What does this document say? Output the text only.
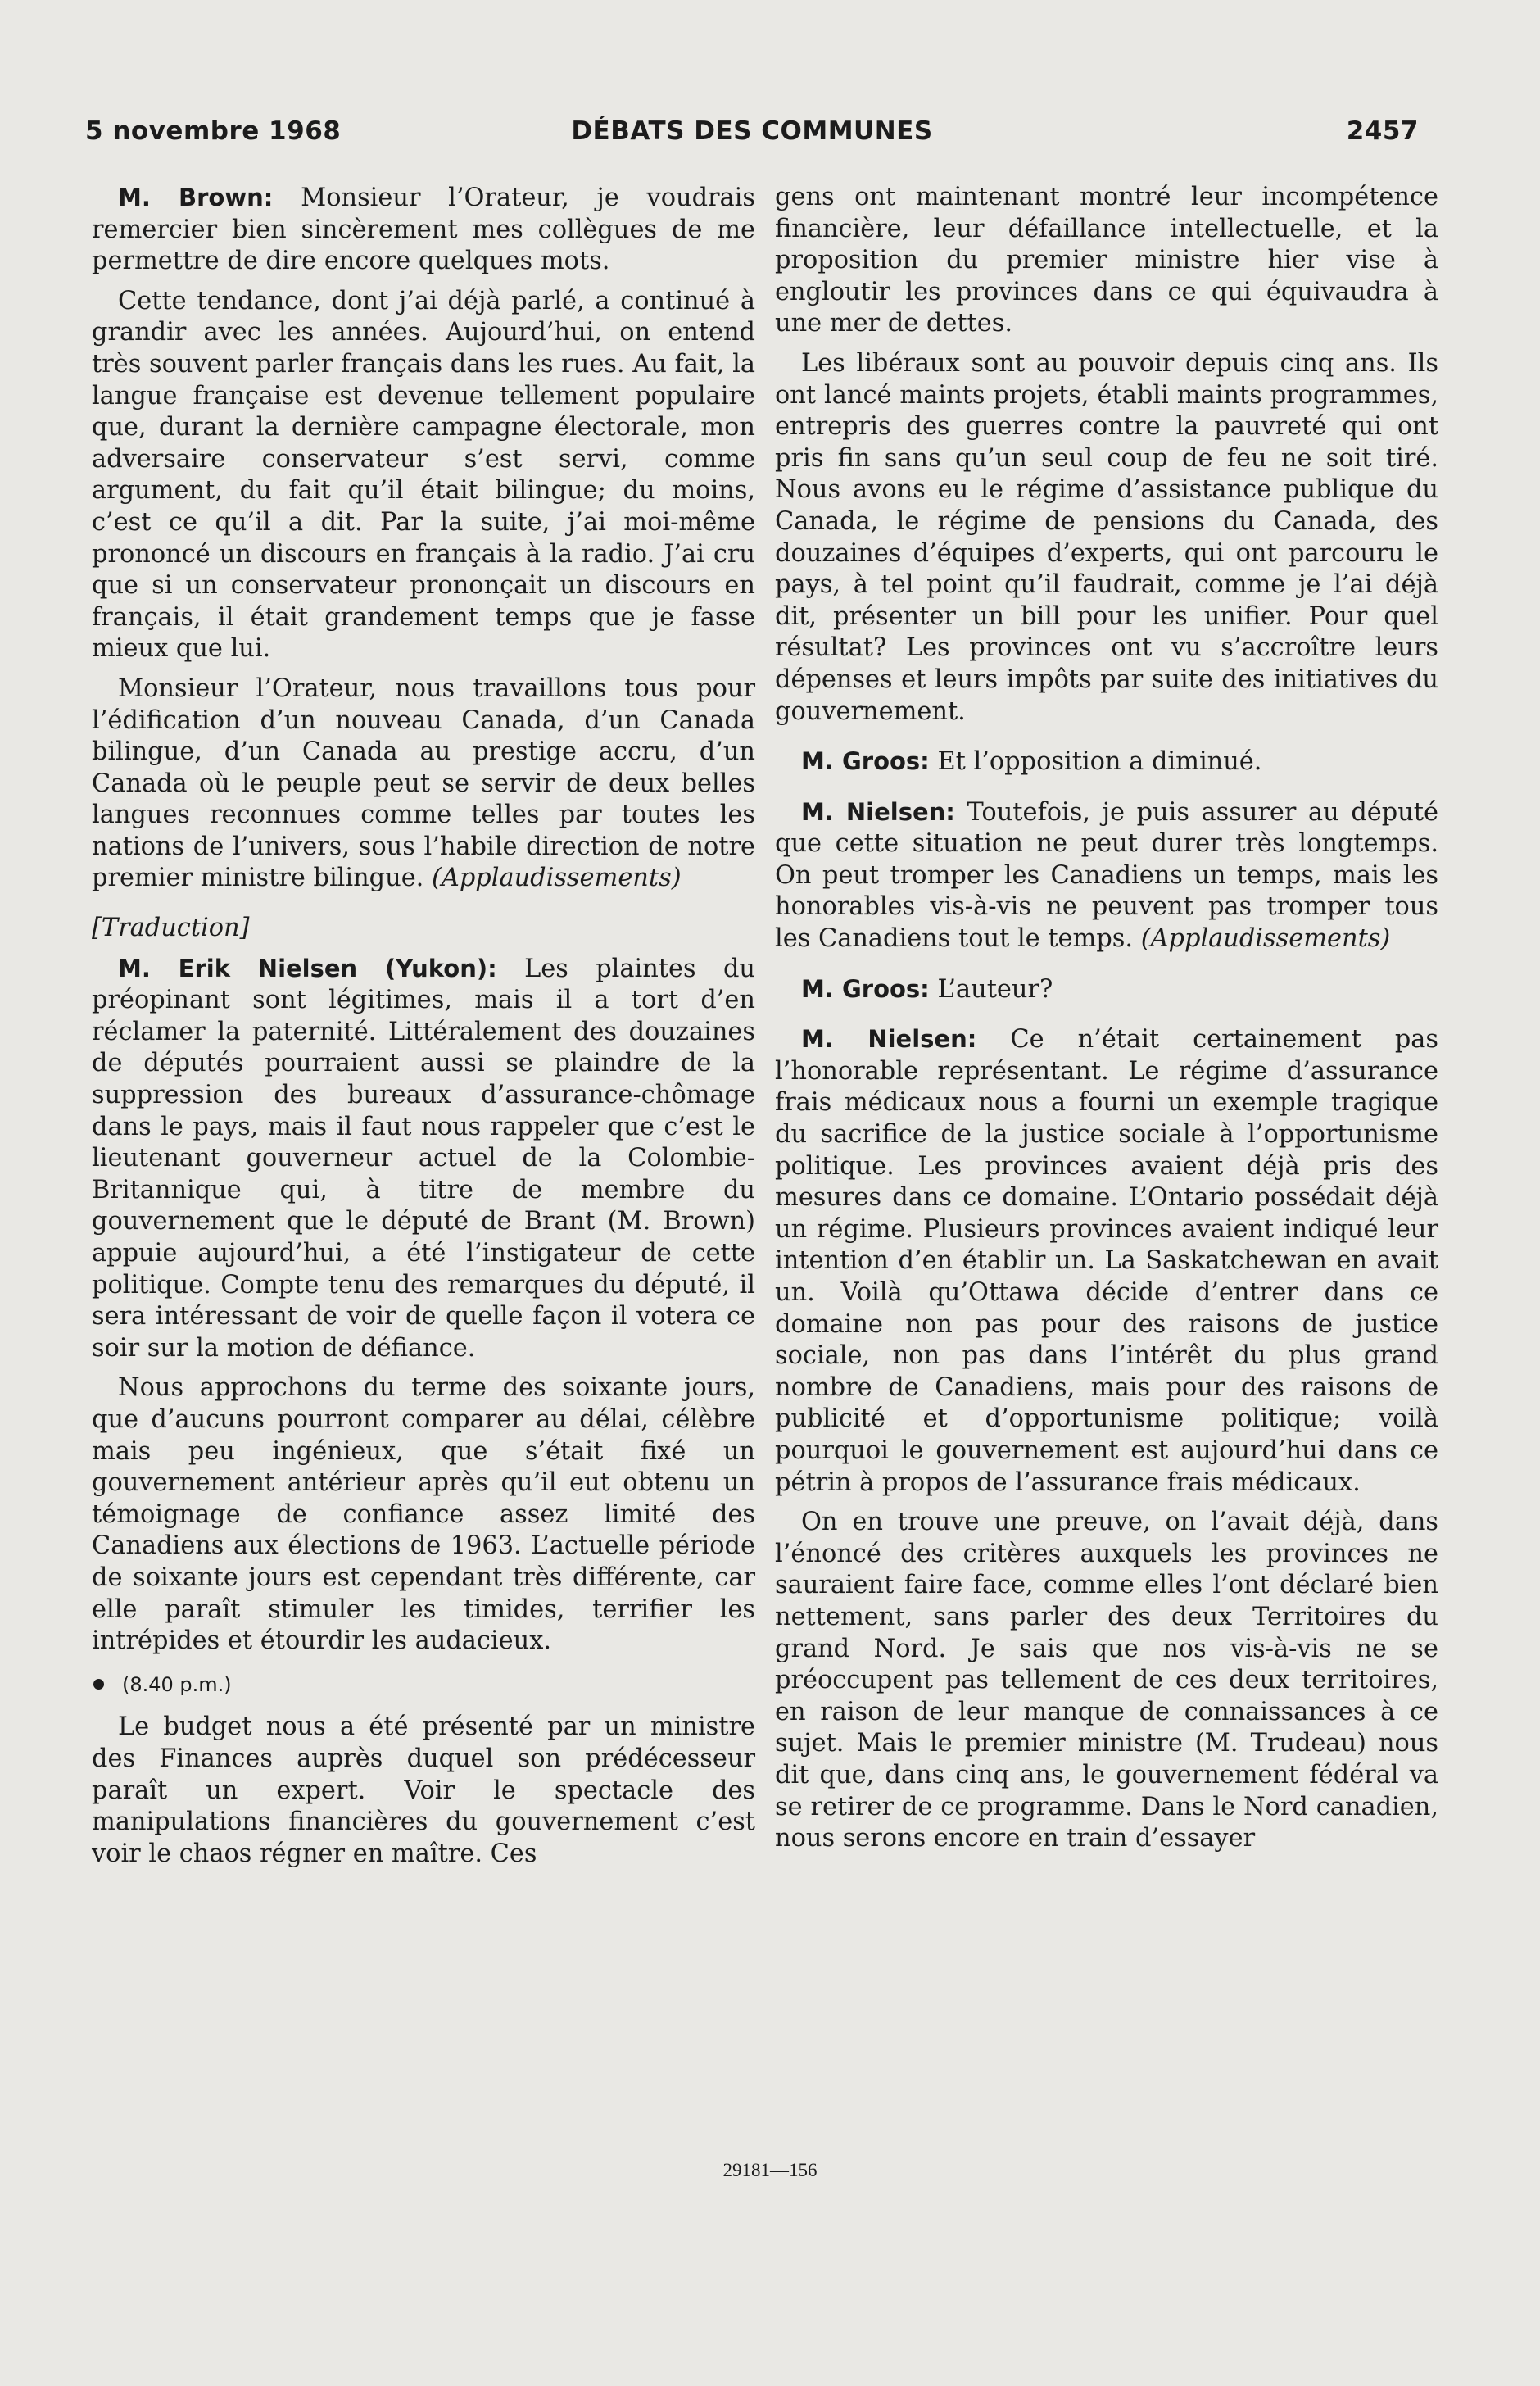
5 novembre 1968	DÉBATS DES COMMUNES	2457

M. Brown: Monsieur l’Orateur, je voudrais remercier bien sincèrement mes collègues de me permettre de dire encore quelques mots.

Cette tendance, dont j’ai déjà parlé, a continué à grandir avec les années. Aujourd’hui, on entend très souvent parler français dans les rues. Au fait, la langue française est devenue tellement populaire que, durant la dernière campagne électorale, mon adversaire conservateur s’est servi, comme argument, du fait qu’il était bilingue; du moins, c’est ce qu’il a dit. Par la suite, j’ai moi-même prononcé un discours en français à la radio. J’ai cru que si un conservateur prononçait un discours en français, il était grandement temps que je fasse mieux que lui.

Monsieur l’Orateur, nous travaillons tous pour l’édification d’un nouveau Canada, d’un Canada bilingue, d’un Canada au prestige accru, d’un Canada où le peuple peut se servir de deux belles langues reconnues comme telles par toutes les nations de l’univers, sous l’habile direction de notre premier ministre bilingue. (Applaudissements)

[Traduction]

M. Erik Nielsen (Yukon): Les plaintes du préopinant sont légitimes, mais il a tort d’en réclamer la paternité. Littéralement des douzaines de députés pourraient aussi se plaindre de la suppression des bureaux d’assurance-chômage dans le pays, mais il faut nous rappeler que c’est le lieutenant gouverneur actuel de la Colombie-Britannique qui, à titre de membre du gouvernement que le député de Brant (M. Brown) appuie aujourd’hui, a été l’instigateur de cette politique. Compte tenu des remarques du député, il sera intéressant de voir de quelle façon il votera ce soir sur la motion de défiance.

Nous approchons du terme des soixante jours, que d’aucuns pourront comparer au délai, célèbre mais peu ingénieux, que s’était fixé un gouvernement antérieur après qu’il eut obtenu un témoignage de confiance assez limité des Canadiens aux élections de 1963. L’actuelle période de soixante jours est cependant très différente, car elle paraît stimuler les timides, terrifier les intrépides et étourdir les audacieux.

(8.40 p.m.)

Le budget nous a été présenté par un ministre des Finances auprès duquel son prédécesseur paraît un expert. Voir le spectacle des manipulations financières du gouvernement c’est voir le chaos régner en maître. Ces

gens ont maintenant montré leur incompétence financière, leur défaillance intellectuelle, et la proposition du premier ministre hier vise à engloutir les provinces dans ce qui équivaudra à une mer de dettes.

Les libéraux sont au pouvoir depuis cinq ans. Ils ont lancé maints projets, établi maints programmes, entrepris des guerres contre la pauvreté qui ont pris fin sans qu’un seul coup de feu ne soit tiré. Nous avons eu le régime d’assistance publique du Canada, le régime de pensions du Canada, des douzaines d’équipes d’experts, qui ont parcouru le pays, à tel point qu’il faudrait, comme je l’ai déjà dit, présenter un bill pour les unifier. Pour quel résultat? Les provinces ont vu s’accroître leurs dépenses et leurs impôts par suite des initiatives du gouvernement.

M. Groos: Et l’opposition a diminué.

M. Nielsen: Toutefois, je puis assurer au député que cette situation ne peut durer très longtemps. On peut tromper les Canadiens un temps, mais les honorables vis-à-vis ne peuvent pas tromper tous les Canadiens tout le temps. (Applaudissements)

M. Groos: L’auteur?

M. Nielsen: Ce n’était certainement pas l’honorable représentant. Le régime d’assurance frais médicaux nous a fourni un exemple tragique du sacrifice de la justice sociale à l’opportunisme politique. Les provinces avaient déjà pris des mesures dans ce domaine. L’Ontario possédait déjà un régime. Plusieurs provinces avaient indiqué leur intention d’en établir un. La Saskatchewan en avait un. Voilà qu’Ottawa décide d’entrer dans ce domaine non pas pour des raisons de justice sociale, non pas dans l’intérêt du plus grand nombre de Canadiens, mais pour des raisons de publicité et d’opportunisme politique; voilà pourquoi le gouvernement est aujourd’hui dans ce pétrin à propos de l’assurance frais médicaux.

On en trouve une preuve, on l’avait déjà, dans l’énoncé des critères auxquels les provinces ne sauraient faire face, comme elles l’ont déclaré bien nettement, sans parler des deux Territoires du grand Nord. Je sais que nos vis-à-vis ne se préoccupent pas tellement de ces deux territoires, en raison de leur manque de connaissances à ce sujet. Mais le premier ministre (M. Trudeau) nous dit que, dans cinq ans, le gouvernement fédéral va se retirer de ce programme. Dans le Nord canadien, nous serons encore en train d’essayer

29181—156
